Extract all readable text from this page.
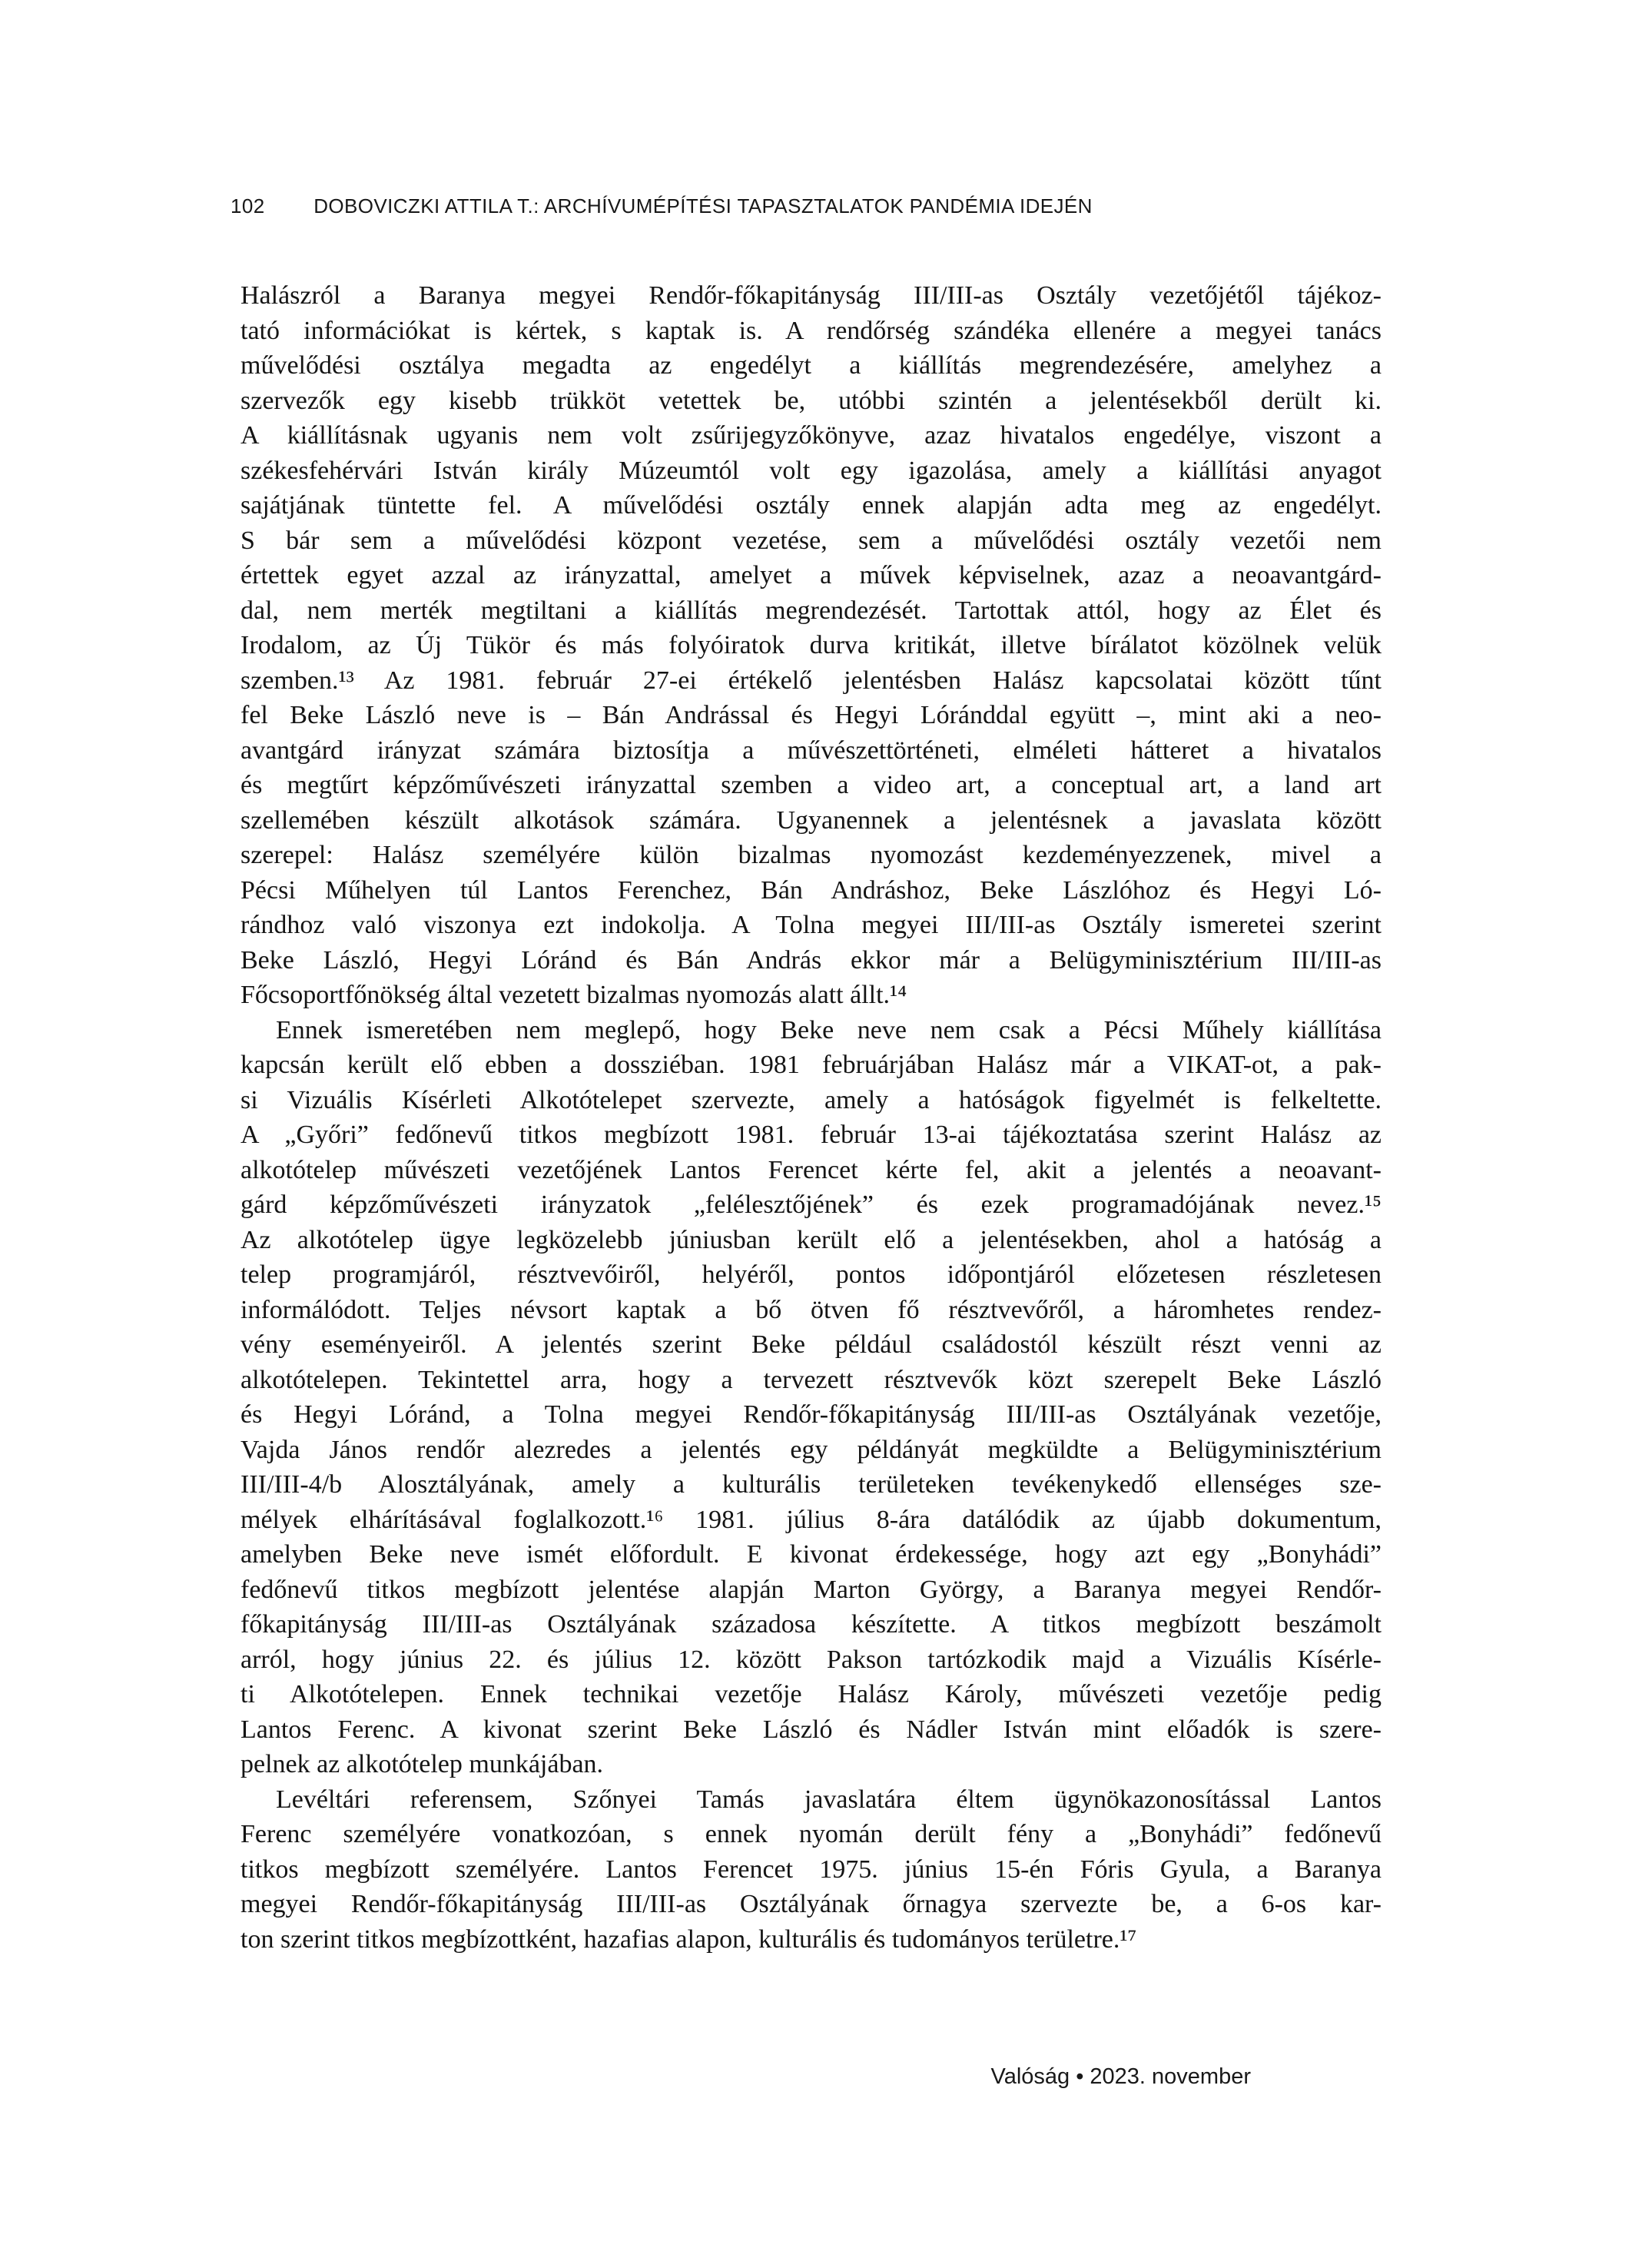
102 DOBOVICZKI ATTILA T.: ARCHÍVUMÉPÍTÉSI TAPASZTALATOK PANDÉMIA IDEJÉN
Halászról a Baranya megyei Rendőr-főkapitányság III/III-as Osztály vezetőjétől tájékoz-
tató információkat is kértek, s kaptak is. A rendőrség szándéka ellenére a megyei tanács
művelődési osztálya megadta az engedélyt a kiállítás megrendezésére, amelyhez a
szervezők egy kisebb trükköt vetettek be, utóbbi szintén a jelentésekből derült ki.
A kiállításnak ugyanis nem volt zsűrijegyzőkönyve, azaz hivatalos engedélye, viszont a
székesfehérvári István király Múzeumtól volt egy igazolása, amely a kiállítási anyagot
sajátjának tüntette fel. A művelődési osztály ennek alapján adta meg az engedélyt.
S bár sem a művelődési központ vezetése, sem a művelődési osztály vezetői nem
értettek egyet azzal az irányzattal, amelyet a művek képviselnek, azaz a neoavantgárd-
dal, nem merték megtiltani a kiállítás megrendezését. Tartottak attól, hogy az Élet és
Irodalom, az Új Tükör és más folyóiratok durva kritikát, illetve bírálatot közölnek velük
szemben.¹³ Az 1981. február 27-ei értékelő jelentésben Halász kapcsolatai között tűnt
fel Beke László neve is – Bán Andrással és Hegyi Lóránddal együtt –, mint aki a neo-
avantgárd irányzat számára biztosítja a művészettörténeti, elméleti hátteret a hivatalos
és megtűrt képzőművészeti irányzattal szemben a video art, a conceptual art, a land art
szellemében készült alkotások számára. Ugyanennek a jelentésnek a javaslata között
szerepel: Halász személyére külön bizalmas nyomozást kezdeményezzenek, mivel a
Pécsi Műhelyen túl Lantos Ferenchez, Bán Andráshoz, Beke Lászlóhoz és Hegyi Ló-
rándhoz való viszonya ezt indokolja. A Tolna megyei III/III-as Osztály ismeretei szerint
Beke László, Hegyi Lóránd és Bán András ekkor már a Belügyminisztérium III/III-as
Főcsoportfőnökség által vezetett bizalmas nyomozás alatt állt.¹⁴
Ennek ismeretében nem meglepő, hogy Beke neve nem csak a Pécsi Műhely kiállítása
kapcsán került elő ebben a dossziéban. 1981 februárjában Halász már a VIKAT-ot, a pak-
si Vizuális Kísérleti Alkotótelepet szervezte, amely a hatóságok figyelmét is felkeltette.
A „Győri” fedőnevű titkos megbízott 1981. február 13-ai tájékoztatása szerint Halász az
alkotótelep művészeti vezetőjének Lantos Ferencet kérte fel, akit a jelentés a neoavant-
gárd képzőművészeti irányzatok „felélesztőjének” és ezek programadójának nevez.¹⁵
Az alkotótelep ügye legközelebb júniusban került elő a jelentésekben, ahol a hatóság a
telep programjáról, résztvevőiről, helyéről, pontos időpontjáról előzetesen részletesen
informálódott. Teljes névsort kaptak a bő ötven fő résztvevőről, a háromhetes rendez-
vény eseményeiről. A jelentés szerint Beke például családostól készült részt venni az
alkotótelepen. Tekintettel arra, hogy a tervezett résztvevők közt szerepelt Beke László
és Hegyi Lóránd, a Tolna megyei Rendőr-főkapitányság III/III-as Osztályának vezetője,
Vajda János rendőr alezredes a jelentés egy példányát megküldte a Belügyminisztérium
III/III-4/b Alosztályának, amely a kulturális területeken tevékenykedő ellenséges sze-
mélyek elhárításával foglalkozott.¹⁶ 1981. július 8-ára datálódik az újabb dokumentum,
amelyben Beke neve ismét előfordult. E kivonat érdekessége, hogy azt egy „Bonyhádi”
fedőnevű titkos megbízott jelentése alapján Marton György, a Baranya megyei Rendőr-
főkapitányság III/III-as Osztályának századosa készítette. A titkos megbízott beszámolt
arról, hogy június 22. és július 12. között Pakson tartózkodik majd a Vizuális Kísérle-
ti Alkotótelepen. Ennek technikai vezetője Halász Károly, művészeti vezetője pedig
Lantos Ferenc. A kivonat szerint Beke László és Nádler István mint előadók is szere-
pelnek az alkotótelep munkájában.
Levéltári referensem, Szőnyei Tamás javaslatára éltem ügynökazonosítással Lantos
Ferenc személyére vonatkozóan, s ennek nyomán derült fény a „Bonyhádi” fedőnevű
titkos megbízott személyére. Lantos Ferencet 1975. június 15-én Fóris Gyula, a Baranya
megyei Rendőr-főkapitányság III/III-as Osztályának őrnagya szervezte be, a 6-os kar-
ton szerint titkos megbízottként, hazafias alapon, kulturális és tudományos területre.¹⁷
Valóság • 2023. november
